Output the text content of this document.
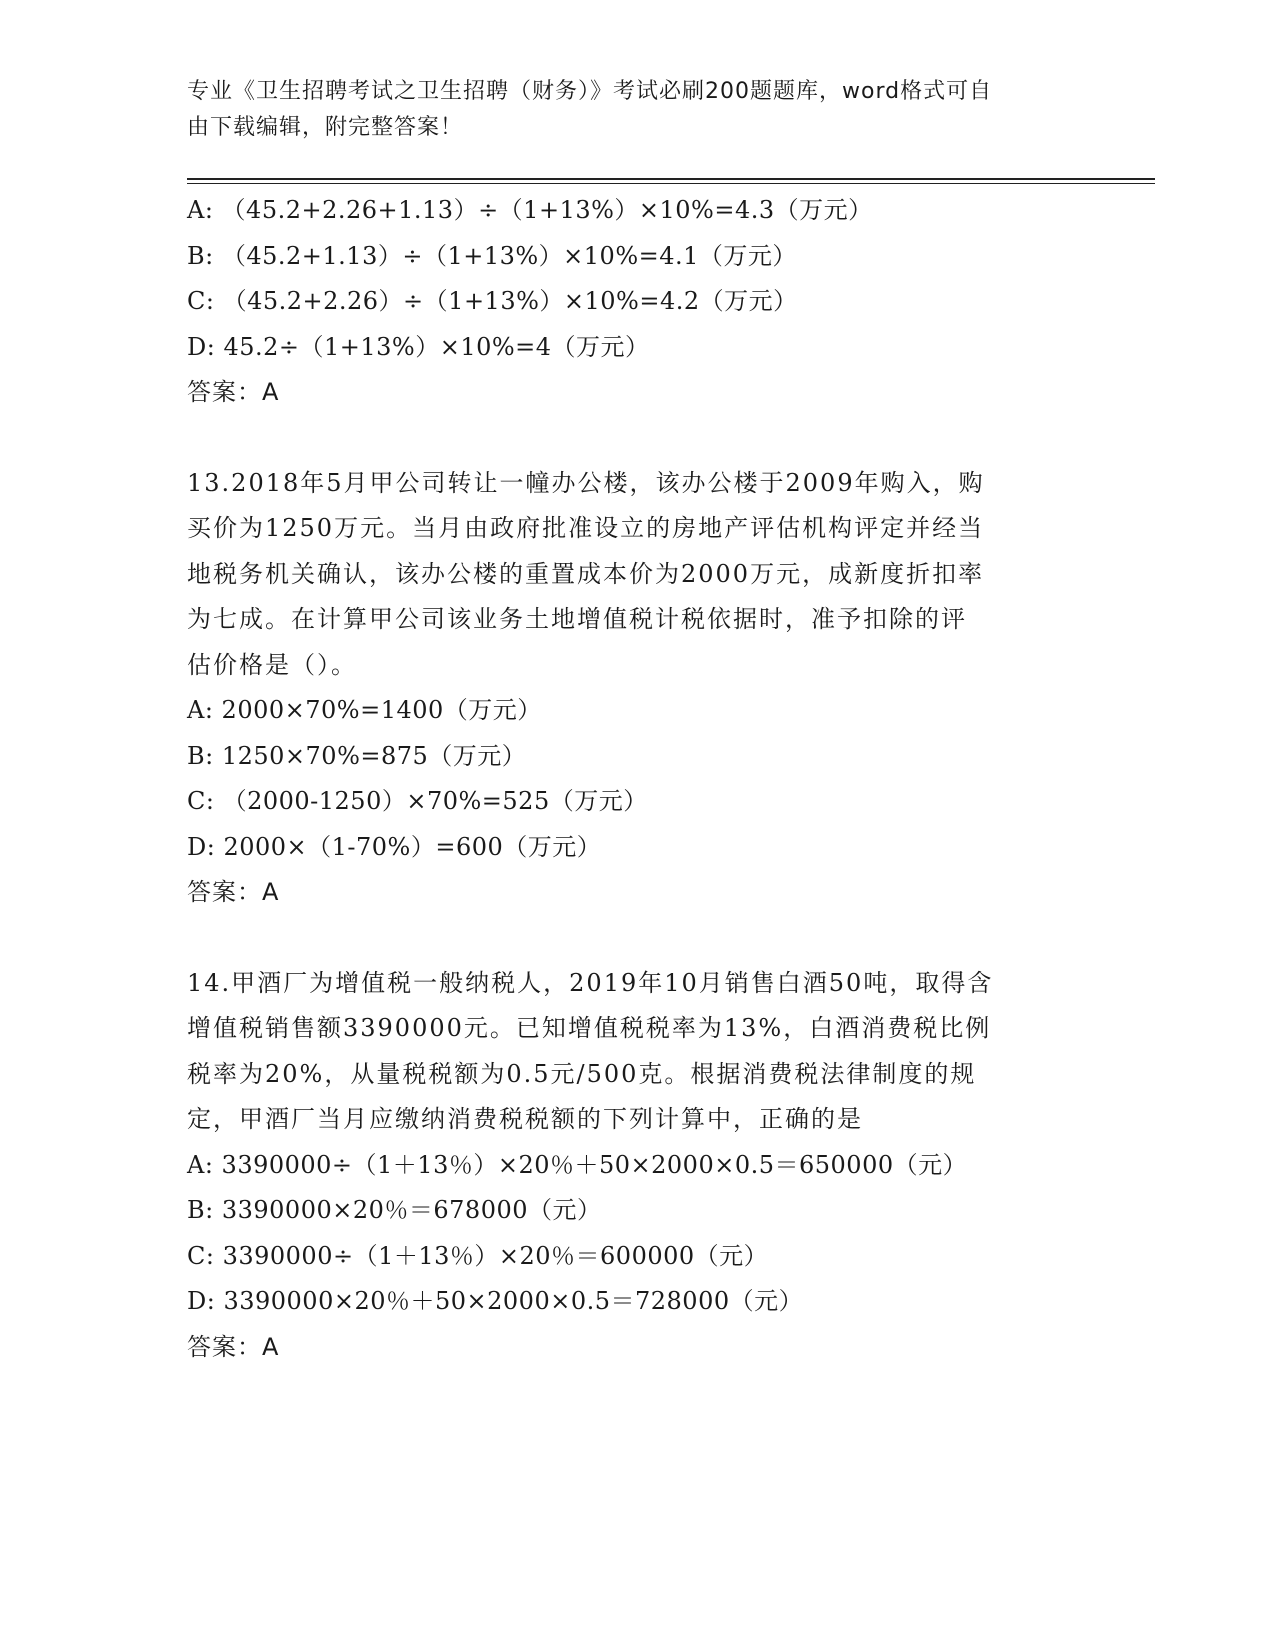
专业《卫生招聘考试之卫生招聘（财务）》考试必刷200题题库，word格式可自
由下载编辑，附完整答案！
A: （45.2+2.26+1.13）÷（1+13%）×10%=4.3（万元）
B: （45.2+1.13）÷（1+13%）×10%=4.1（万元）
C: （45.2+2.26）÷（1+13%）×10%=4.2（万元）
D: 45.2÷（1+13%）×10%=4（万元）
答案：A
13.2018年5月甲公司转让一幢办公楼，该办公楼于2009年购入，购
买价为1250万元。当月由政府批准设立的房地产评估机构评定并经当
地税务机关确认，该办公楼的重置成本价为2000万元，成新度折扣率
为七成。在计算甲公司该业务土地增值税计税依据时，准予扣除的评
估价格是（）。
A: 2000×70%=1400（万元）
B: 1250×70%=875（万元）
C: （2000-1250）×70%=525（万元）
D: 2000×（1-70%）=600（万元）
答案：A
14.甲酒厂为增值税一般纳税人，2019年10月销售白酒50吨，取得含
增值税销售额3390000元。已知增值税税率为13%，白酒消费税比例
税率为20%，从量税税额为0.5元/500克。根据消费税法律制度的规
定，甲酒厂当月应缴纳消费税税额的下列计算中，正确的是
A: 3390000÷（1＋13％）×20％＋50×2000×0.5＝650000（元）
B: 3390000×20％＝678000（元）
C: 3390000÷（1＋13％）×20％＝600000（元）
D: 3390000×20％＋50×2000×0.5＝728000（元）
答案：A
